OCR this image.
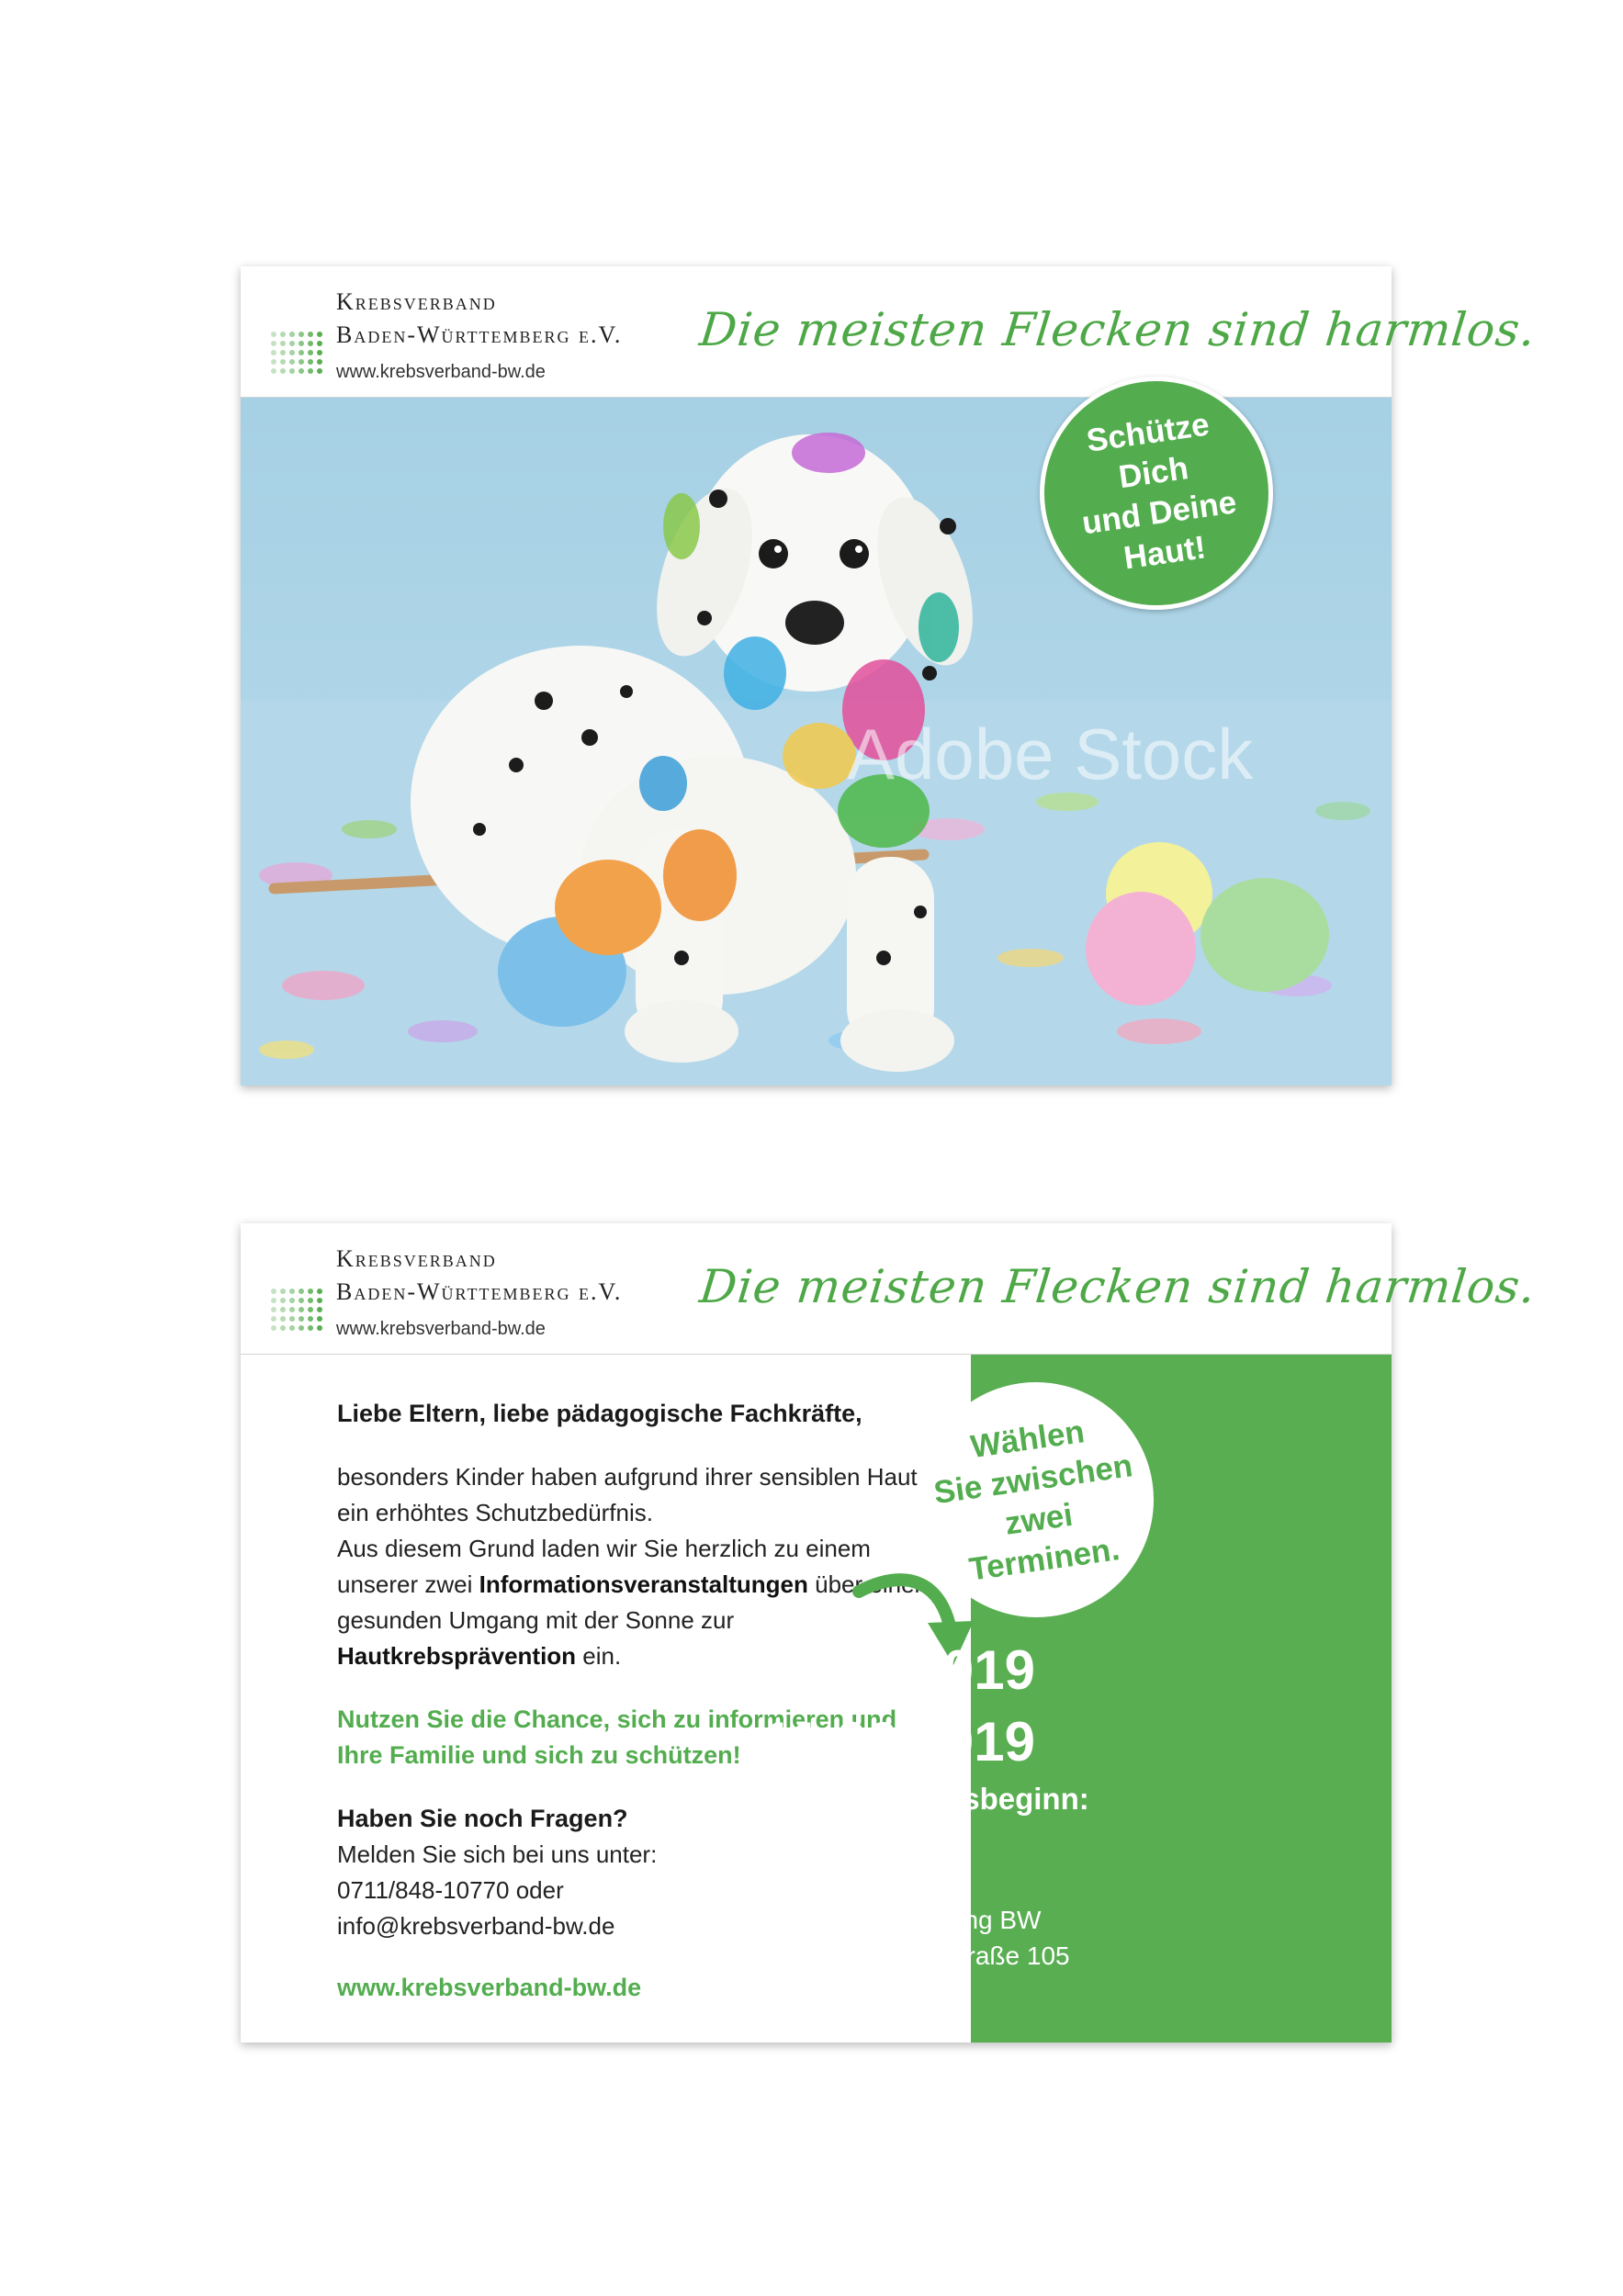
Krebsverband
Baden-Württemberg e.V.
www.krebsverband-bw.de
Die meisten Flecken sind harmlos.
Adobe Stock
Schütze
Dich
und Deine
Haut!
Krebsverband
Baden-Württemberg e.V.
www.krebsverband-bw.de
Die meisten Flecken sind harmlos.
Liebe Eltern, liebe pädagogische Fachkräfte,
besonders Kinder haben aufgrund ihrer sensiblen Haut ein erhöhtes Schutzbedürfnis.
Aus diesem Grund laden wir Sie herzlich zu einem unserer zwei Informationsveranstaltungen über einen gesunden Umgang mit der Sonne zur Hautkrebsprävention ein.
Nutzen Sie die Chance, sich zu informieren und Ihre Familie und sich zu schützen!
Haben Sie noch Fragen?
Melden Sie sich bei uns unter:
0711/848-10770 oder
info@krebsverband-bw.de
www.krebsverband-bw.de
Wählen
Sie zwischen
zwei
Terminen.
11.04.2019
11.06.2019
Veranstaltungsbeginn:
18 Uhr
Deutsche
Rentenversicherung BW
Adalbert-Stifter-Straße 105
70437 Stuttgart
